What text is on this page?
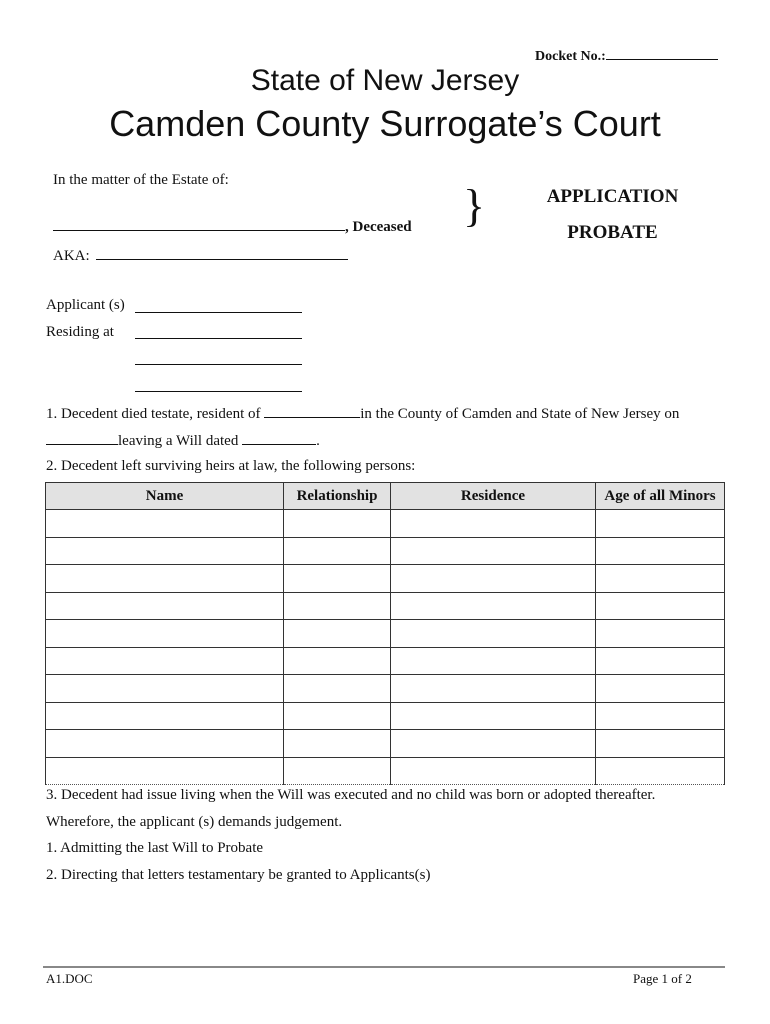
Docket No.:
State of New Jersey
Camden County Surrogate’s Court
In the matter of the Estate of:
, Deceased
AKA:
}	APPLICATION
PROBATE
Applicant (s)
Residing at
1. Decedent died testate, resident of	in the County of Camden and State of New Jersey on
leaving a Will dated	.
2. Decedent left surviving heirs at law, the following persons:
Name	Relationship	Residence	Age of all Minors

3. Decedent had issue living when the Will was executed and no child was born or adopted thereafter.
Wherefore, the applicant (s) demands judgement.
1. Admitting the last Will to Probate
2. Directing that letters testamentary be granted to Applicants(s)
A1.DOC	Page 1 of 2
